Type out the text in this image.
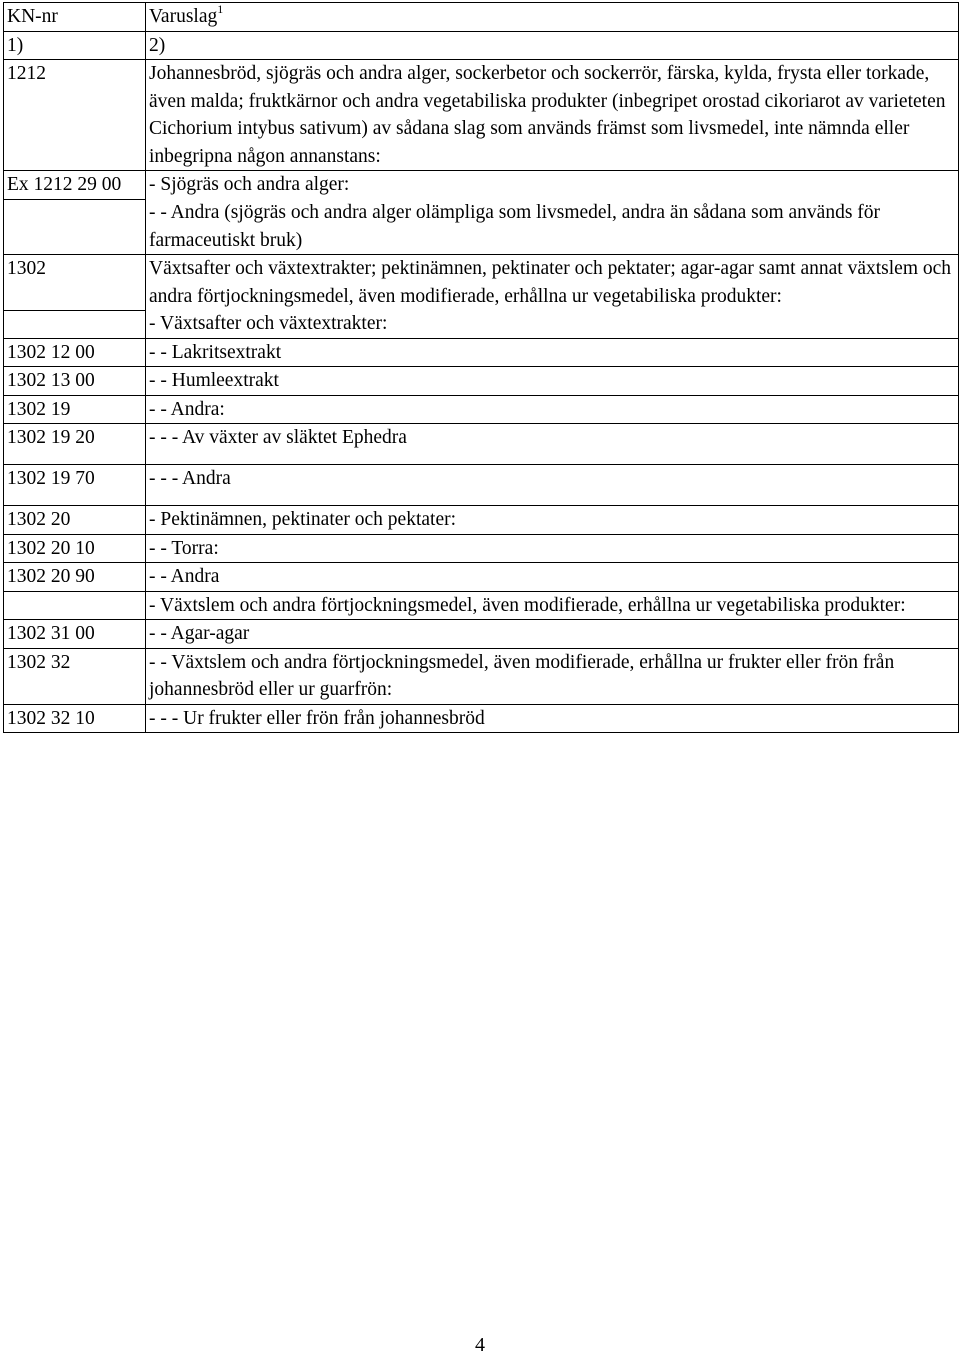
KN-nr	Varuslag$^1$
1)	2)
1212	Johannesbröd, sjögräs och andra alger, sockerbetor och sockerrör, färska, kylda, frysta eller torkade, även malda; fruktkärnor och andra vegetabiliska produkter (inbegripet orostad cikoriarot av varieteten Cichorium intybus sativum) av sådana slag som används främst som livsmedel, inte nämnda eller inbegripna någon annanstans:
Ex 1212 29 00	- Sjögräs och andra alger:
	- - Andra (sjögräs och andra alger olämpliga som livsmedel, andra än sådana som används för farmaceutiskt bruk)
1302	Växtsafter och växtextrakter; pektinämnen, pektinater och pektater; agar-agar samt annat växtslem och andra förtjockningsmedel, även modifierade, erhållna ur vegetabiliska produkter:
	- Växtsafter och växtextrakter:
1302 12 00	- - Lakritsextrakt
1302 13 00	- - Humleextrakt
1302 19	- - Andra:
1302 19 20	- - - Av växter av släktet Ephedra
1302 19 70	- - - Andra
1302 20	- Pektinämnen, pektinater och pektater:
1302 20 10	- - Torra:
1302 20 90	- - Andra
	- Växtslem och andra förtjockningsmedel, även modifierade, erhållna ur vegetabiliska produkter:
1302 31 00	- - Agar-agar
1302 32	- - Växtslem och andra förtjockningsmedel, även modifierade, erhållna ur frukter eller frön från johannesbröd eller ur guarfrön:
1302 32 10	- - - Ur frukter eller frön från johannesbröd
4
